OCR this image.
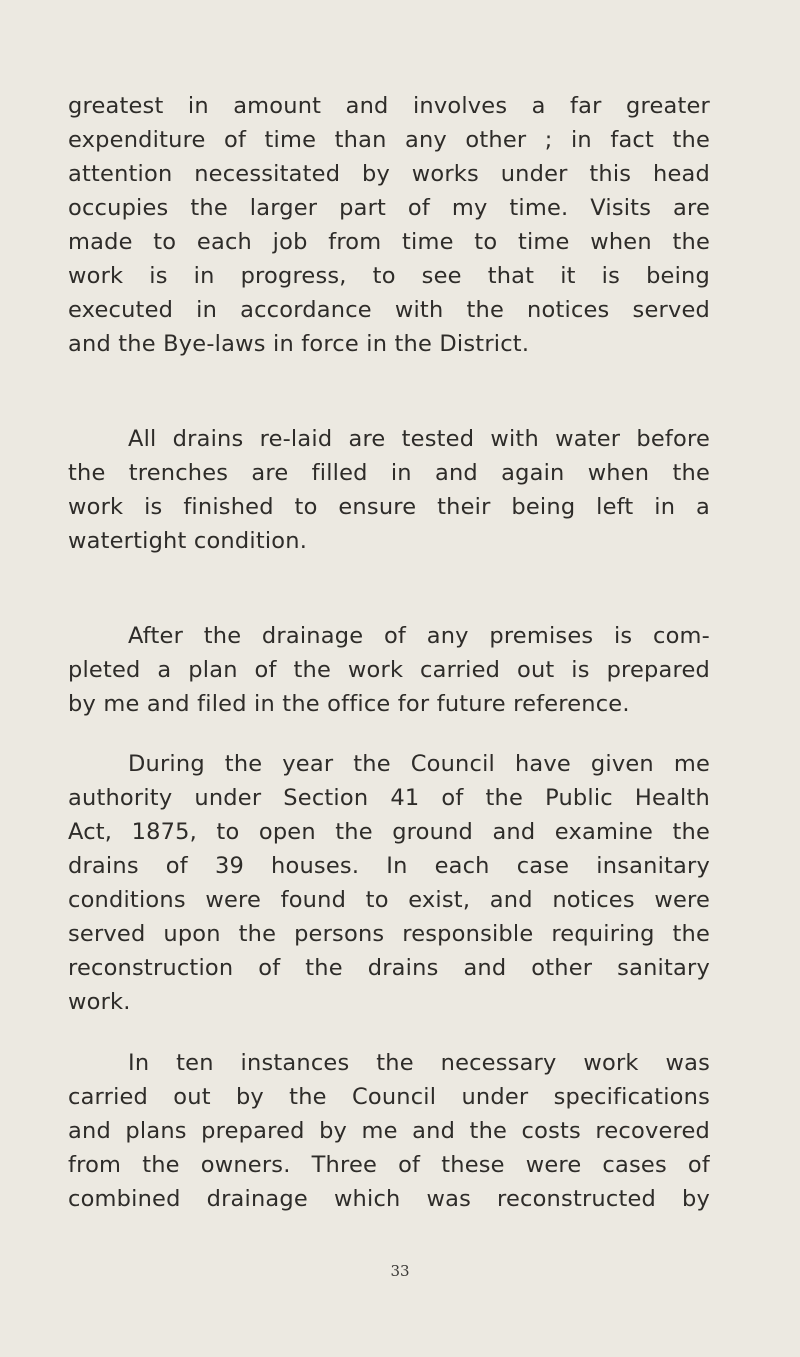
greatest in amount and involves a far greater
expenditure of time than any other ; in fact the
attention necessitated by works under this head
occupies the larger part of my time. Visits are
made to each job from time to time when the
work is in progress, to see that it is being
executed in accordance with the notices served
and the Bye-laws in force in the District.
All drains re-laid are tested with water before
the trenches are filled in and again when the
work is finished to ensure their being left in a
watertight condition.
After the drainage of any premises is com-
pleted a plan of the work carried out is prepared
by me and filed in the office for future reference.
During the year the Council have given me
authority under Section 41 of the Public Health
Act, 1875, to open the ground and examine the
drains of 39 houses. In each case insanitary
conditions were found to exist, and notices were
served upon the persons responsible requiring the
reconstruction of the drains and other sanitary
work.
In ten instances the necessary work was
carried out by the Council under specifications
and plans prepared by me and the costs recovered
from the owners. Three of these were cases of
combined drainage which was reconstructed by
33
